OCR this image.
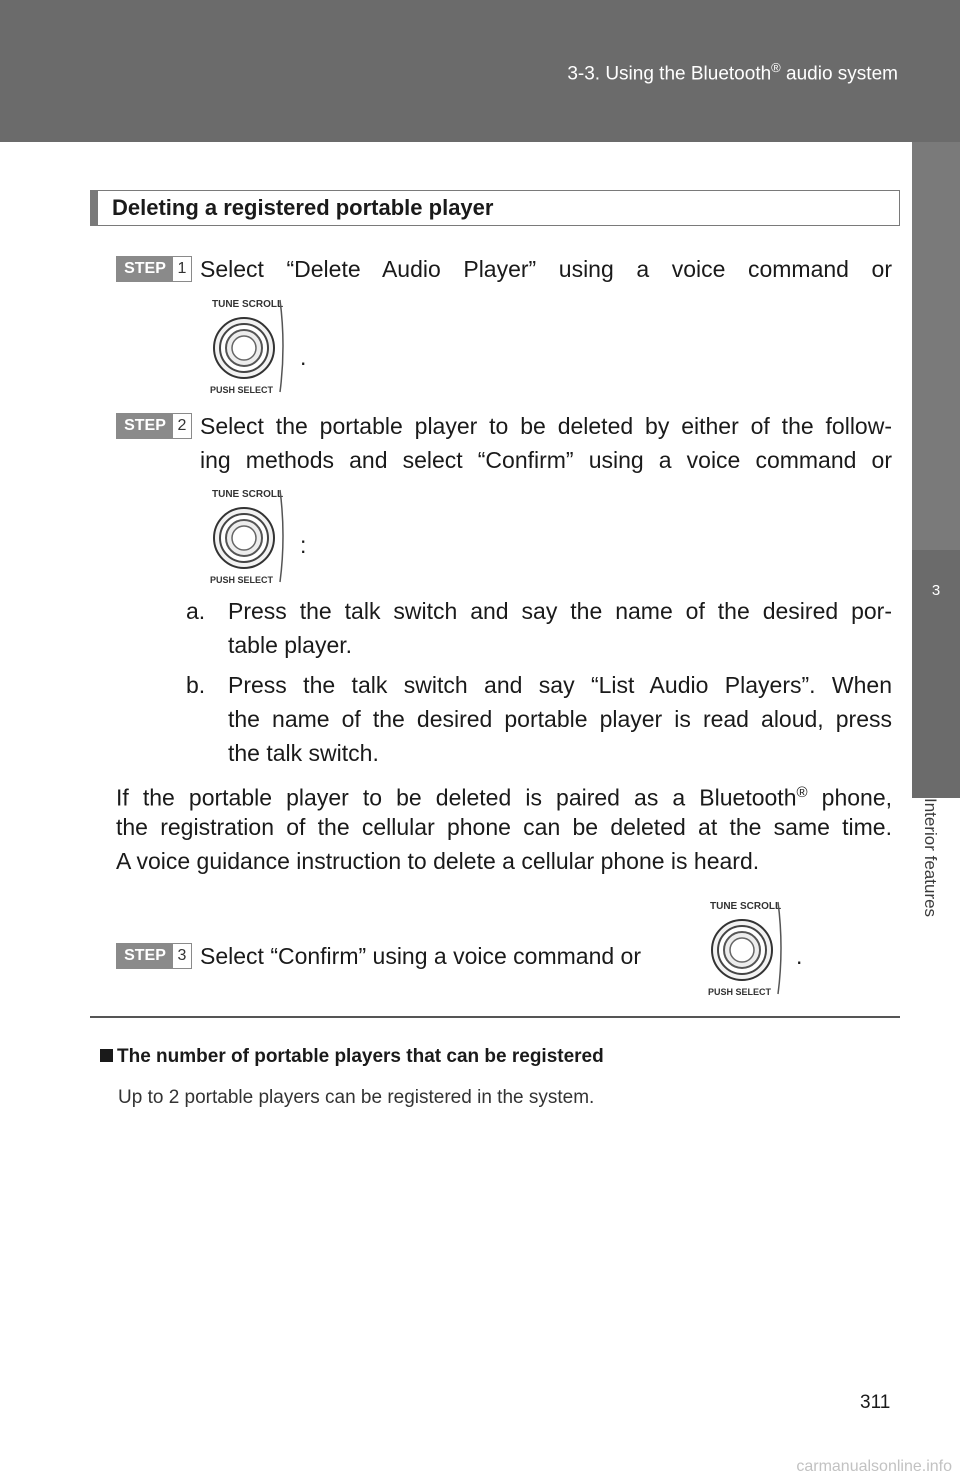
3-3. Using the Bluetooth® audio system
3
Interior features
Deleting a registered portable player
STEP 1 Select “Delete Audio Player” using a voice command or
TUNE SCROLL
PUSH SELECT
.
STEP 2 Select the portable player to be deleted by either of the follow-
ing methods and select “Confirm” using a voice command or
TUNE SCROLL
PUSH SELECT
:
a. Press the talk switch and say the name of the desired por-
table player.
b. Press the talk switch and say “List Audio Players”. When
the name of the desired portable player is read aloud, press
the talk switch.
If the portable player to be deleted is paired as a Bluetooth® phone,
the registration of the cellular phone can be deleted at the same time.
A voice guidance instruction to delete a cellular phone is heard.
STEP 3 Select “Confirm” using a voice command or
TUNE SCROLL
PUSH SELECT
.
The number of portable players that can be registered
Up to 2 portable players can be registered in the system.
311
carmanualsonline.info
